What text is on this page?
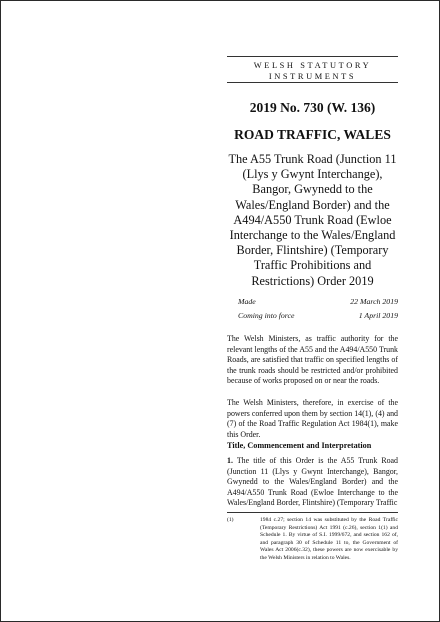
WELSH STATUTORY
INSTRUMENTS
2019 No. 730 (W. 136)
ROAD TRAFFIC, WALES
The A55 Trunk Road (Junction 11 (Llys y Gwynt Interchange), Bangor, Gwynedd to the Wales/England Border) and the A494/A550 Trunk Road (Ewloe Interchange to the Wales/England Border, Flintshire) (Temporary Traffic Prohibitions and Restrictions) Order 2019
Made	22 March 2019
Coming into force	1 April 2019

The Welsh Ministers, as traffic authority for the relevant lengths of the A55 and the A494/A550 Trunk Roads, are satisfied that traffic on specified lengths of the trunk roads should be restricted and/or prohibited because of works proposed on or near the roads.

The Welsh Ministers, therefore, in exercise of the powers conferred upon them by section 14(1), (4) and (7) of the Road Traffic Regulation Act 1984(1), make this Order.

Title, Commencement and Interpretation

1. The title of this Order is the A55 Trunk Road (Junction 11 (Llys y Gwynt Interchange), Bangor, Gwynedd to the Wales/England Border) and the A494/A550 Trunk Road (Ewloe Interchange to the Wales/England Border, Flintshire) (Temporary Traffic

(1)	1984 c.27; section 14 was substituted by the Road Traffic (Temporary Restrictions) Act 1991 (c.26), section 1(1) and Schedule 1. By virtue of S.I. 1999/672, and section 162 of, and paragraph 30 of Schedule 11 to, the Government of Wales Act 2006(c.32), these powers are now exercisable by the Welsh Ministers in relation to Wales.
